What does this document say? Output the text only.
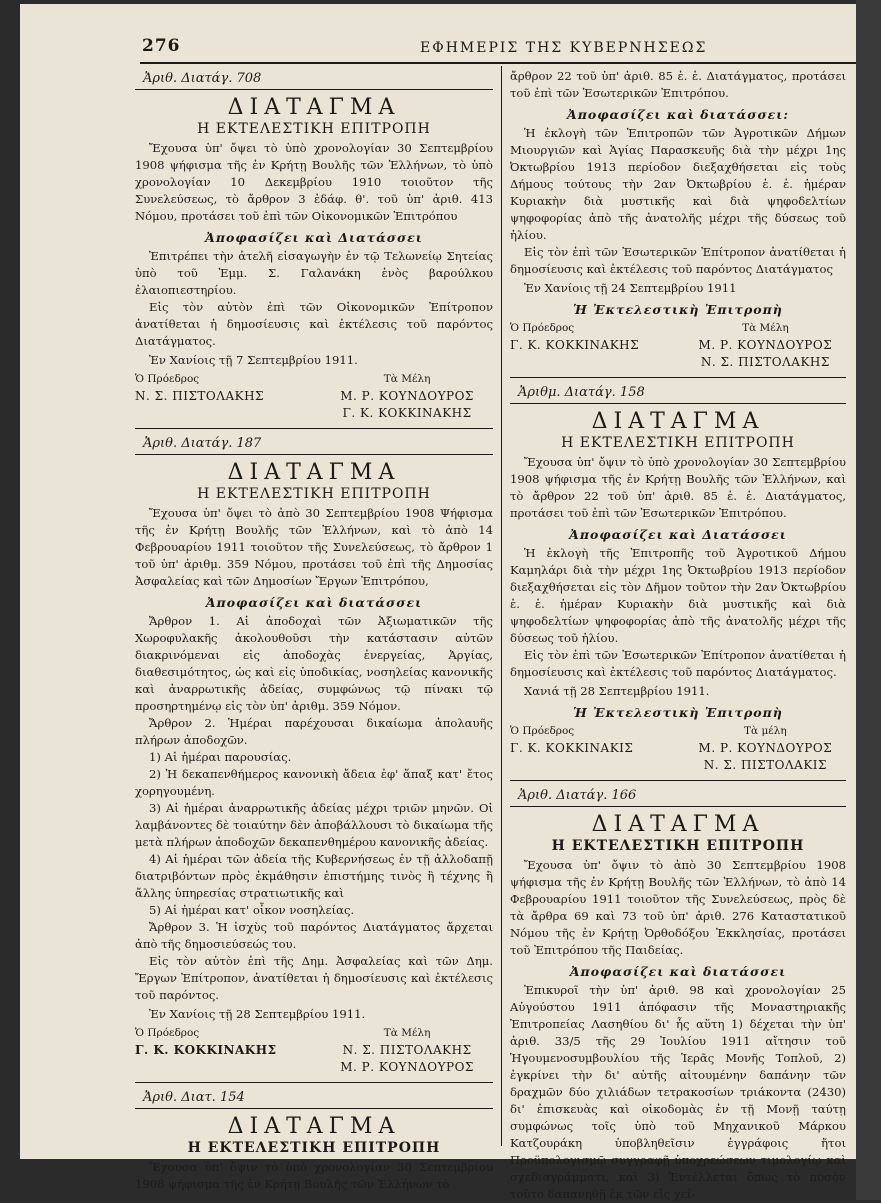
276	ΕΦΗΜΕΡΙΣ ΤΗΣ ΚΥΒΕΡΝΗΣΕΩΣ

Ἀριθ. Διατάγ. 708

ΔΙΑΤΑΓΜΑ

Η ΕΚΤΕΛΕΣΤΙΚΗ ΕΠΙΤΡΟΠΗ

Ἔχουσα ὑπ' ὄψει τὸ ὑπὸ χρονολογίαν 30 Σεπτεμβρίου 1908 ψήφισμα τῆς ἐν Κρήτῃ Βουλῆς τῶν Ἑλλήνων, τὸ ὑπὸ χρονολογίαν 10 Δεκεμβρίου 1910 τοιοῦτον τῆς Συνελεύσεως, τὸ ἄρθρον 3 ἐδάφ. θ'. τοῦ ὑπ' ἀριθ. 413 Νόμου, προτάσει τοῦ ἐπὶ τῶν Οἰκονομικῶν Ἐπιτρόπου

Ἀποφασίζει καὶ Διατάσσει

Ἐπιτρέπει τὴν ἀτελῆ εἰσαγωγὴν ἐν τῷ Τελωνείῳ Σητείας ὑπὸ τοῦ Ἐμμ. Σ. Γαλανάκη ἑνὸς βαρούλκου ἐλαιοπιεστηρίου.

Εἰς τὸν αὐτὸν ἐπὶ τῶν Οἰκονομικῶν Ἐπίτροπον ἀνατίθεται ἡ δημοσίευσις καὶ ἐκτέλεσις τοῦ παρόντος Διατάγματος.

Ἐν Χανίοις τῇ 7 Σεπτεμβρίου 1911.

Ὁ Πρόεδρος
Ν. Σ. ΠΙΣΤΟΛΑΚΗΣ
Τὰ Μέλη
Μ. Ρ. ΚΟΥΝΔΟΥΡΟΣ
Γ. Κ. ΚΟΚΚΙΝΑΚΗΣ

Ἀριθ. Διατάγ. 187

ΔΙΑΤΑΓΜΑ

Η ΕΚΤΕΛΕΣΤΙΚΗ ΕΠΙΤΡΟΠΗ

Ἔχουσα ὑπ' ὄψει τὸ ἀπὸ 30 Σεπτεμβρίου 1908 Ψήφισμα τῆς ἐν Κρήτῃ Βουλῆς τῶν Ἑλλήνων, καὶ τὸ ἀπὸ 14 Φεβρουαρίου 1911 τοιοῦτον τῆς Συνελεύσεως, τὸ ἄρθρον 1 τοῦ ὑπ' ἀριθμ. 359 Νόμου, προτάσει τοῦ ἐπὶ τῆς Δημοσίας Ἀσφαλείας καὶ τῶν Δημοσίων Ἔργων Ἐπιτρόπου,

Ἀποφασίζει καὶ διατάσσει

Ἄρθρον 1. Αἱ ἀποδοχαὶ τῶν Ἀξιωματικῶν τῆς Χωροφυλακῆς ἀκολουθοῦσι τὴν κατάστασιν αὐτῶν διακρινόμεναι εἰς ἀποδοχὰς ἐνεργείας, Ἀργίας, διαθεσιμότητος, ὡς καὶ εἰς ὑποδικίας, νοσηλείας κανονικῆς καὶ ἀναρρωτικῆς ἀδείας, συμφώνως τῷ πίνακι τῷ προσηρτημένῳ εἰς τὸν ὑπ' ἀριθμ. 359 Νόμον.

Ἄρθρον 2. Ἡμέραι παρέχουσαι δικαίωμα ἀπολαυῆς πλήρων ἀποδοχῶν.

1) Αἱ ἡμέραι παρουσίας.

2) Ἡ δεκαπενθήμερος κανονικὴ ἄδεια ἐφ' ἅπαξ κατ' ἔτος χορηγουμένη.

3) Αἱ ἡμέραι ἀναρρωτικῆς ἀδείας μέχρι τριῶν μηνῶν. Οἱ λαμβάνοντες δὲ τοιαύτην δὲν ἀποβάλλουσι τὸ δικαίωμα τῆς μετὰ πλήρων ἀποδοχῶν δεκαπενθημέρου κανονικῆς ἀδείας.

4) Αἱ ἡμέραι τῶν ἀδεία τῆς Κυβερνήσεως ἐν τῇ ἀλλοδαπῇ διατριβόντων πρὸς ἐκμάθησιν ἐπιστήμης τινὸς ἢ τέχνης ἢ ἄλλης ὑπηρεσίας στρατιωτικῆς καὶ

5) Αἱ ἡμέραι κατ' οἶκον νοσηλείας.

Ἄρθρον 3. Ἡ ἰσχὺς τοῦ παρόντος Διατάγματος ἄρχεται ἀπὸ τῆς δημοσιεύσεώς του.

Εἰς τὸν αὐτὸν ἐπὶ τῆς Δημ. Ἀσφαλείας καὶ τῶν Δημ. Ἔργων Ἐπίτροπον, ἀνατίθεται ἡ δημοσίευσις καὶ ἐκτέλεσις τοῦ παρόντος.

Ἐν Χανίοις τῇ 28 Σεπτεμβρίου 1911.

Ὁ Πρόεδρος
Γ. Κ. ΚΟΚΚΙΝΑΚΗΣ
Τὰ Μέλη
Ν. Σ. ΠΙΣΤΟΛΑΚΗΣ
Μ. Ρ. ΚΟΥΝΔΟΥΡΟΣ

Ἀριθ. Διατ. 154

ΔΙΑΤΑΓΜΑ

Η ΕΚΤΕΛΕΣΤΙΚΗ ΕΠΙΤΡΟΠΗ

Ἔχουσα ὑπ' ὄψιν τὸ ὑπὸ χρονολογίαν 30 Σεπτεμβρίου 1908 ψήφισμα τῆς ἐν Κρήτῃ Βουλῆς τῶν Ἑλλήνων τὸ

ἄρθρον 22 τοῦ ὑπ' ἀριθ. 85 ἑ. ἑ. Διατάγματος, προτάσει τοῦ ἐπὶ τῶν Ἐσωτερικῶν Ἐπιτρόπου.

Ἀποφασίζει καὶ διατάσσει:

Ἡ ἐκλογὴ τῶν Ἐπιτροπῶν τῶν Ἀγροτικῶν Δήμων Μιουργιῶν καὶ Ἁγίας Παρασκευῆς διὰ τὴν μέχρι 1ης Ὀκτωβρίου 1913 περίοδον διεξαχθήσεται εἰς τοὺς Δήμους τούτους τὴν 2αν Ὀκτωβρίου ἑ. ἑ. ἡμέραν Κυριακὴν διὰ μυστικῆς καὶ διὰ ψηφοδελτίων ψηφοφορίας ἀπὸ τῆς ἀνατολῆς μέχρι τῆς δύσεως τοῦ ἡλίου.

Εἰς τὸν ἐπὶ τῶν Ἐσωτερικῶν Ἐπίτροπον ἀνατίθεται ἡ δημοσίευσις καὶ ἐκτέλεσις τοῦ παρόντος Διατάγματος

Ἐν Χανίοις τῇ 24 Σεπτεμβρίου 1911

Ἡ Ἐκτελεστικὴ Ἐπιτροπὴ

Ὁ Πρόεδρος
Γ. Κ. ΚΟΚΚΙΝΑΚΗΣ
Τὰ Μέλη
Μ. Ρ. ΚΟΥΝΔΟΥΡΟΣ
Ν. Σ. ΠΙΣΤΟΛΑΚΗΣ

Ἀριθμ. Διατάγ. 158

ΔΙΑΤΑΓΜΑ

Η ΕΚΤΕΛΕΣΤΙΚΗ ΕΠΙΤΡΟΠΗ

Ἔχουσα ὑπ' ὄψιν τὸ ὑπὸ χρονολογίαν 30 Σεπτεμβρίου 1908 ψήφισμα τῆς ἐν Κρήτῃ Βουλῆς τῶν Ἑλλήνων, καὶ τὸ ἄρθρον 22 τοῦ ὑπ' ἀριθ. 85 ἑ. ἑ. Διατάγματος, προτάσει τοῦ ἐπὶ τῶν Ἐσωτερικῶν Ἐπιτρόπου.

Ἀποφασίζει καὶ Διατάσσει

Ἡ ἐκλογὴ τῆς Ἐπιτροπῆς τοῦ Ἀγροτικοῦ Δήμου Καμηλάρι διὰ τὴν μέχρι 1ης Ὀκτωβρίου 1913 περίοδον διεξαχθήσεται εἰς τὸν Δῆμον τοῦτον τὴν 2αν Ὀκτωβρίου ἑ. ἑ. ἡμέραν Κυριακὴν διὰ μυστικῆς καὶ διὰ ψηφοδελτίων ψηφοφορίας ἀπὸ τῆς ἀνατολῆς μέχρι τῆς δύσεως τοῦ ἡλίου.

Εἰς τὸν ἐπὶ τῶν Ἐσωτερικῶν Ἐπίτροπον ἀνατίθεται ἡ δημοσίευσις καὶ ἐκτέλεσις τοῦ παρόντος Διατάγματος.

Χανιά τῇ 28 Σεπτεμβρίου 1911.

Ἡ Ἐκτελεστικὴ Ἐπιτροπὴ

Ὁ Πρόεδρος
Γ. Κ. ΚΟΚΚΙΝΑΚΙΣ
Τὰ μέλη
Μ. Ρ. ΚΟΥΝΔΟΥΡΟΣ
Ν. Σ. ΠΙΣΤΟΛΑΚΙΣ

Ἀριθ. Διατάγ. 166

ΔΙΑΤΑΓΜΑ

Η ΕΚΤΕΛΕΣΤΙΚΗ ΕΠΙΤΡΟΠΗ

Ἔχουσα ὑπ' ὄψιν τὸ ἀπὸ 30 Σεπτεμβρίου 1908 ψήφισμα τῆς ἐν Κρήτῃ Βουλῆς τῶν Ἑλλήνων, τὸ ἀπὸ 14 Φεβρουαρίου 1911 τοιοῦτον τῆς Συνελεύσεως, πρὸς δὲ τὰ ἄρθρα 69 καὶ 73 τοῦ ὑπ' ἀριθ. 276 Καταστατικοῦ Νόμου τῆς ἐν Κρήτῃ Ὀρθοδόξου Ἐκκλησίας, προτάσει τοῦ Ἐπιτρόπου τῆς Παιδείας.

Ἀποφασίζει καὶ διατάσσει

Ἐπικυροῖ τὴν ὑπ' ἀριθ. 98 καὶ χρονολογίαν 25 Αὐγούστου 1911 ἀπόφασιν τῆς Μοναστηριακῆς Ἐπιτροπείας Λασηθίου δι' ἧς αὕτη 1) δέχεται τὴν ὑπ' ἀριθ. 33/5 τῆς 29 Ἰουλίου 1911 αἴτησιν τοῦ Ἡγουμενοσυμβουλίου τῆς Ἱερᾶς Μονῆς Τοπλοῦ, 2) ἐγκρίνει τὴν δι' αὐτῆς αἰτουμένην δαπάνην τῶν δραχμῶν δύο χιλιάδων τετρακοσίων τριάκοντα (2430) δι' ἐπισκευὰς καὶ οἰκοδομὰς ἐν τῇ Μονῇ ταύτῃ συμφώνως τοῖς ὑπὸ τοῦ Μηχανικοῦ Μάρκου Κατζουράκη ὑποβληθεῖσιν ἐγγράφοις ἤτοι Προϋπολογισμῷ συγγραφῇ ὑποχρεώσεων τιμολογίῳ καὶ σχεδιαγράμματι, καὶ 3) Ἐντέλλεται ὅπως τὸ ποσὸν τοῦτο δαπανηθῇ ἐκ τῶν εἰς χεί-
